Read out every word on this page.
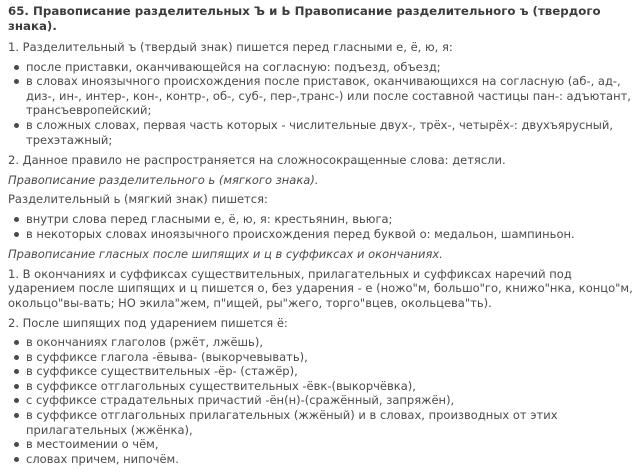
65. Правописание разделительных Ъ и Ь Правописание разделительного ъ (твердого знака).

1. Разделительный ъ (твердый знак) пишется перед гласными е, ё, ю, я:

после приставки, оканчивающейся на согласную: подъезд, объезд;
в словах иноязычного происхождения после приставок, оканчивающихся на согласную (аб-, ад-, диз-, ин-, интер-, кон-, контр-, об-, суб-, пер-,транс-) или после составной частицы пан-: адъютант, трансъевропейский;
в сложных словах, первая часть которых - числительные двух-, трёх-, четырёх-: двухъярусный, трехэтажный;

2. Данное правило не распространяется на сложносокращенные слова: детясли.

Правописание разделительного ь (мягкого знака).

Разделительный ь (мягкий знак) пишется:

внутри слова перед гласными е, ё, ю, я: крестьянин, вьюга;
в некоторых словах иноязычного происхождения перед буквой о: медальон, шампиньон.

Правописание гласных после шипящих и ц в суффиксах и окончаниях.

1. В окончаниях и суффиксах существительных, прилагательных и суффиксах наречий под ударением после шипящих и ц пишется о, без ударения - е (ножо"м, большо"го, книжо"нка, концо"м, окольцо"вы-вать; НО экила"жем, п"ищей, ры"жего, торго"вцев, окольцева"ть).

2. После шипящих под ударением пишется ё:

в окончаниях глаголов (ржёт, лжёшь),
в суффиксе глагола -ёвыва- (выкорчевывать),
в суффиксе существительных -ёр- (стажёр),
в суффиксе отглагольных существительных -ёвк-(выкорчёвка),
с суффиксе страдательных причастий -ён(н)-(сражённый, запряжён),
в суффиксе отглагольных прилагательных (жжёный) и в словах, производных от этих прилагательных (жжёнка),
в местоимении о чём,
словах причем, нипочём.
